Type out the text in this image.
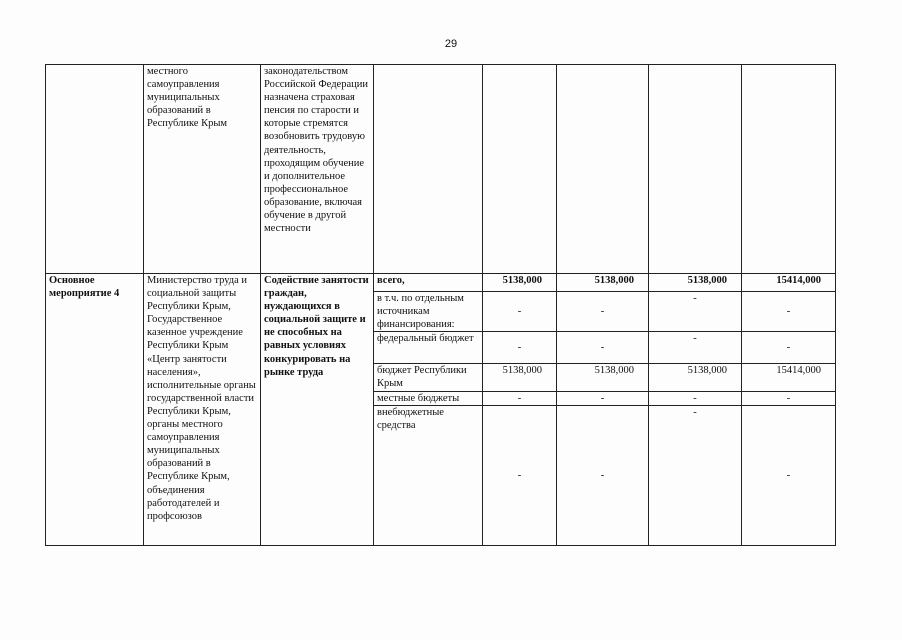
29
	местного самоуправления муниципальных образований в Республике Крым	законодательством Российской Федерации назначена страховая пенсия по старости и которые стремятся возобновить трудовую деятельность, проходящим обучение и дополнительное профессиональное образование, включая обучение в другой местности					
Основное мероприятие 4	Министерство труда и социальной защиты Республики Крым, Государственное казенное учреждение Республики Крым «Центр занятости населения», исполнительные органы государственной власти Республики Крым, органы местного самоуправления муниципальных образований в Республике Крым, объединения работодателей и профсоюзов	Содействие занятости граждан, нуждающихся в социальной защите и не способных на равных условиях конкурировать на рынке труда	всего,	5138,000	5138,000	5138,000	15414,000
			в т.ч. по отдельным источникам финансирования:	-	-	-	-
			федеральный бюджет	-	-	-	-
			бюджет Республики Крым	5138,000	5138,000	5138,000	15414,000
			местные бюджеты	-	-	-	-
			внебюджетные средства	-	-	-	-
